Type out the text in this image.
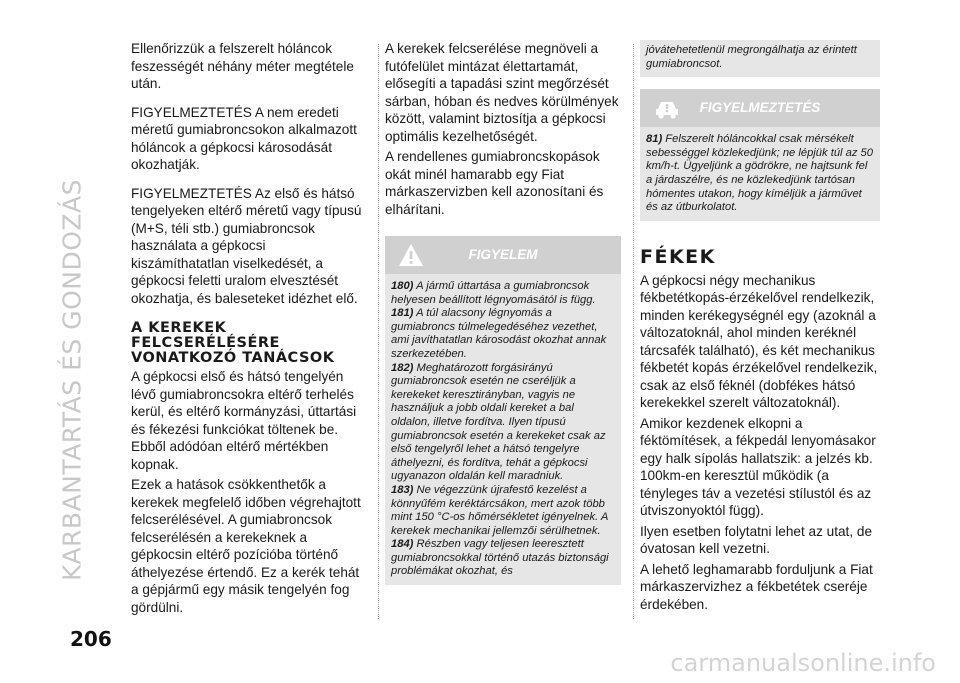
KARBANTARTÁS ÉS GONDOZÁS
206
carmanualsonline.info

Ellenőrizzük a felszerelt hóláncok feszességét néhány méter megtétele után.

FIGYELMEZTETÉS A nem eredeti méretű gumiabroncsokon alkalmazott hóláncok a gépkocsi károsodását okozhatják.

FIGYELMEZTETÉS Az első és hátsó tengelyeken eltérő méretű vagy típusú (M+S, téli stb.) gumiabroncsok használata a gépkocsi kiszámíthatatlan viselkedését, a gépkocsi feletti uralom elvesztését okozhatja, és baleseteket idézhet elő.

A KEREKEK
FELCSERÉLÉSÉRE
VONATKOZÓ TANÁCSOK

A gépkocsi első és hátsó tengelyén lévő gumiabroncsokra eltérő terhelés kerül, és eltérő kormányzási, úttartási és fékezési funkciókat töltenek be. Ebből adódóan eltérő mértékben kopnak.

Ezek a hatások csökkenthetők a kerekek megfelelő időben végrehajtott felcserélésével. A gumiabroncsok felcserélésén a kerekeknek a gépkocsin eltérő pozícióba történő áthelyezése értendő. Ez a kerék tehát a gépjármű egy másik tengelyén fog gördülni.

A kerekek felcserélése megnöveli a futófelület mintázat élettartamát, elősegíti a tapadási szint megőrzését sárban, hóban és nedves körülmények között, valamint biztosítja a gépkocsi optimális kezelhetőségét.

A rendellenes gumiabroncskopások okát minél hamarabb egy Fiat márkaszervizben kell azonosítani és elhárítani.

FIGYELEM

180) A jármű úttartása a gumiabroncsok helyesen beállított légnyomásától is függ.

181) A túl alacsony légnyomás a gumiabroncs túlmelegedéséhez vezethet, ami javíthatatlan károsodást okozhat annak szerkezetében.

182) Meghatározott forgásirányú gumiabroncsok esetén ne cseréljük a kerekeket keresztirányban, vagyis ne használjuk a jobb oldali kereket a bal oldalon, illetve fordítva. Ilyen típusú gumiabroncsok esetén a kerekeket csak az első tengelyről lehet a hátsó tengelyre áthelyezni, és fordítva, tehát a gépkocsi ugyanazon oldalán kell maradniuk.

183) Ne végezzünk újrafestő kezelést a könnyűfém keréktárcsákon, mert azok több mint 150 °C-os hőmérsékletet igényelnek. A kerekek mechanikai jellemzői sérülhetnek.

184) Részben vagy teljesen leeresztett gumiabroncsokkal történő utazás biztonsági problémákat okozhat, és

jóvátehetetlenül megrongálhatja az érintett gumiabroncsot.

FIGYELMEZTETÉS

81) Felszerelt hóláncokkal csak mérsékelt sebességgel közlekedjünk; ne lépjük túl az 50 km/h-t. Ügyeljünk a gödrökre, ne hajtsunk fel a járdaszélre, és ne közlekedjünk tartósan hómentes utakon, hogy kíméljük a járművet és az útburkolatot.

FÉKEK

A gépkocsi négy mechanikus fékbetétkopás-érzékelővel rendelkezik, minden kerékegységnél egy (azoknál a változatoknál, ahol minden keréknél tárcsafék található), és két mechanikus fékbetét kopás érzékelővel rendelkezik, csak az első féknél (dobfékes hátsó kerekekkel szerelt változatoknál).

Amikor kezdenek elkopni a féktömítések, a fékpedál lenyomásakor egy halk sípolás hallatszik: a jelzés kb. 100km-en keresztül működik (a tényleges táv a vezetési stílustól és az útviszonyoktól függ).

Ilyen esetben folytatni lehet az utat, de óvatosan kell vezetni.

A lehető leghamarabb forduljunk a Fiat márkaszervizhez a fékbetétek cseréje érdekében.
